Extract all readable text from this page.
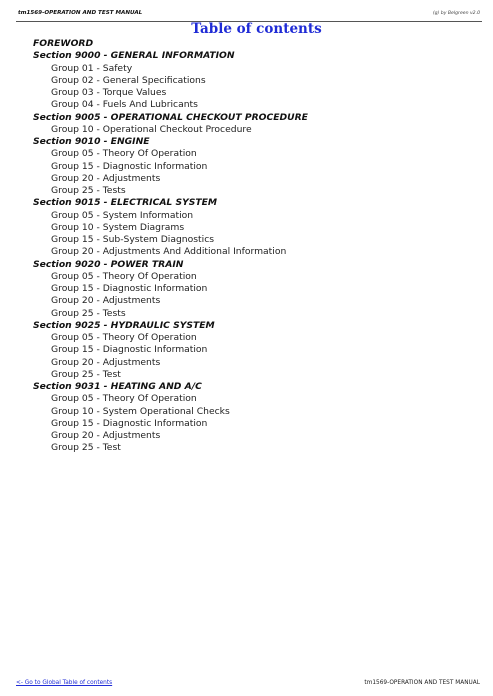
tm1569-OPERATION AND TEST MANUAL	(g) by Belgreen v2.0
Table of contents
FOREWORD
Section 9000 - GENERAL INFORMATION
Group 01 - Safety
Group 02 - General Specifications
Group 03 - Torque Values
Group 04 - Fuels And Lubricants
Section 9005 - OPERATIONAL CHECKOUT PROCEDURE
Group 10 - Operational Checkout Procedure
Section 9010 - ENGINE
Group 05 - Theory Of Operation
Group 15 - Diagnostic Information
Group 20 - Adjustments
Group 25 - Tests
Section 9015 - ELECTRICAL SYSTEM
Group 05 - System Information
Group 10 - System Diagrams
Group 15 - Sub-System Diagnostics
Group 20 - Adjustments And Additional Information
Section 9020 - POWER TRAIN
Group 05 - Theory Of Operation
Group 15 - Diagnostic Information
Group 20 - Adjustments
Group 25 - Tests
Section 9025 - HYDRAULIC SYSTEM
Group 05 - Theory Of Operation
Group 15 - Diagnostic Information
Group 20 - Adjustments
Group 25 - Test
Section 9031 - HEATING AND A/C
Group 05 - Theory Of Operation
Group 10 - System Operational Checks
Group 15 - Diagnostic Information
Group 20 - Adjustments
Group 25 - Test
<- Go to Global Table of contents	tm1569-OPERATION AND TEST MANUAL
